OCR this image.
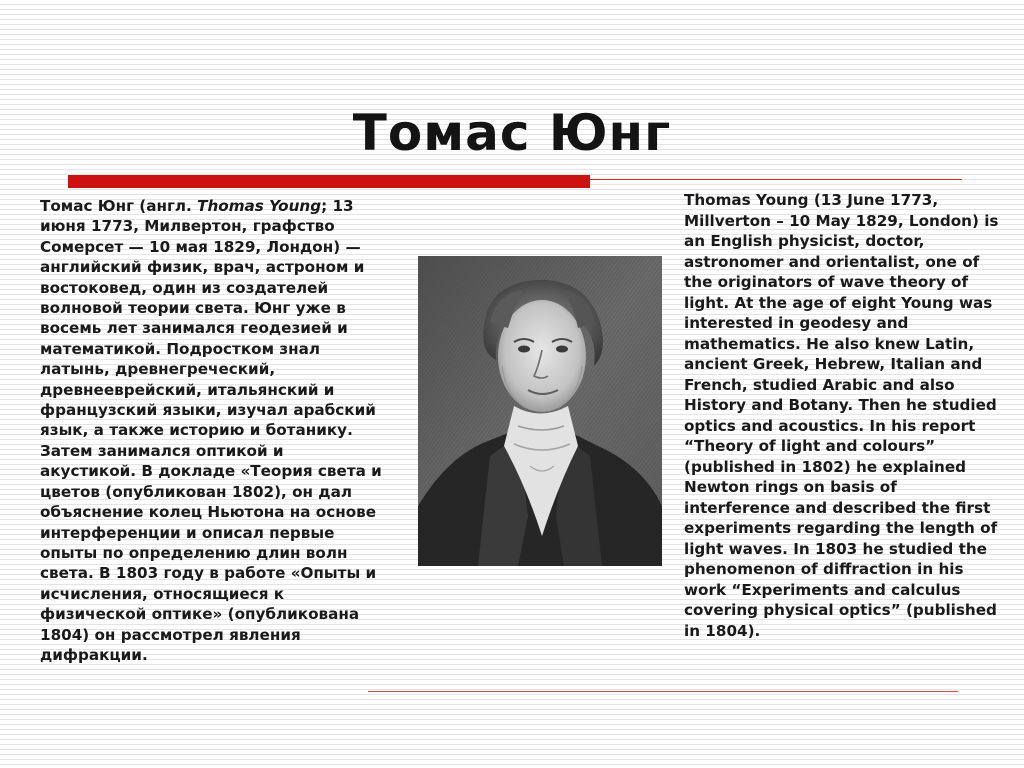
Томас Юнг
Томас Юнг (англ. Thomas Young; 13 июня 1773, Милвертон, графство Сомерсет — 10 мая 1829, Лондон) — английский физик, врач, астроном и востоковед, один из создателей волновой теории света. Юнг уже в восемь лет занимался геодезией и математикой. Подростком знал латынь, древнегреческий, древнееврейский, итальянский и французский языки, изучал арабский язык, а также историю и ботанику. Затем занимался оптикой и акустикой. В докладе «Теория света и цветов (опубликован 1802), он дал объяснение колец Ньютона на основе интерференции и описал первые опыты по определению длин волн света. В 1803 году в работе «Опыты и исчисления, относящиеся к физической оптике» (опубликована 1804) он рассмотрел явления дифракции.
Thomas Young (13 June 1773, Millverton – 10 May 1829, London) is an English physicist, doctor, astronomer and orientalist, one of the originators of wave theory of light. At the age of eight Young was interested in geodesy and mathematics. He also knew Latin, ancient Greek, Hebrew, Italian and French, studied Arabic and also History and Botany. Then he studied optics and acoustics. In his report “Theory of light and colours” (published in 1802) he explained Newton rings on basis of interference and described the first experiments regarding the length of light waves. In 1803 he studied the phenomenon of diffraction in his work “Experiments and calculus covering physical optics” (published in 1804).
